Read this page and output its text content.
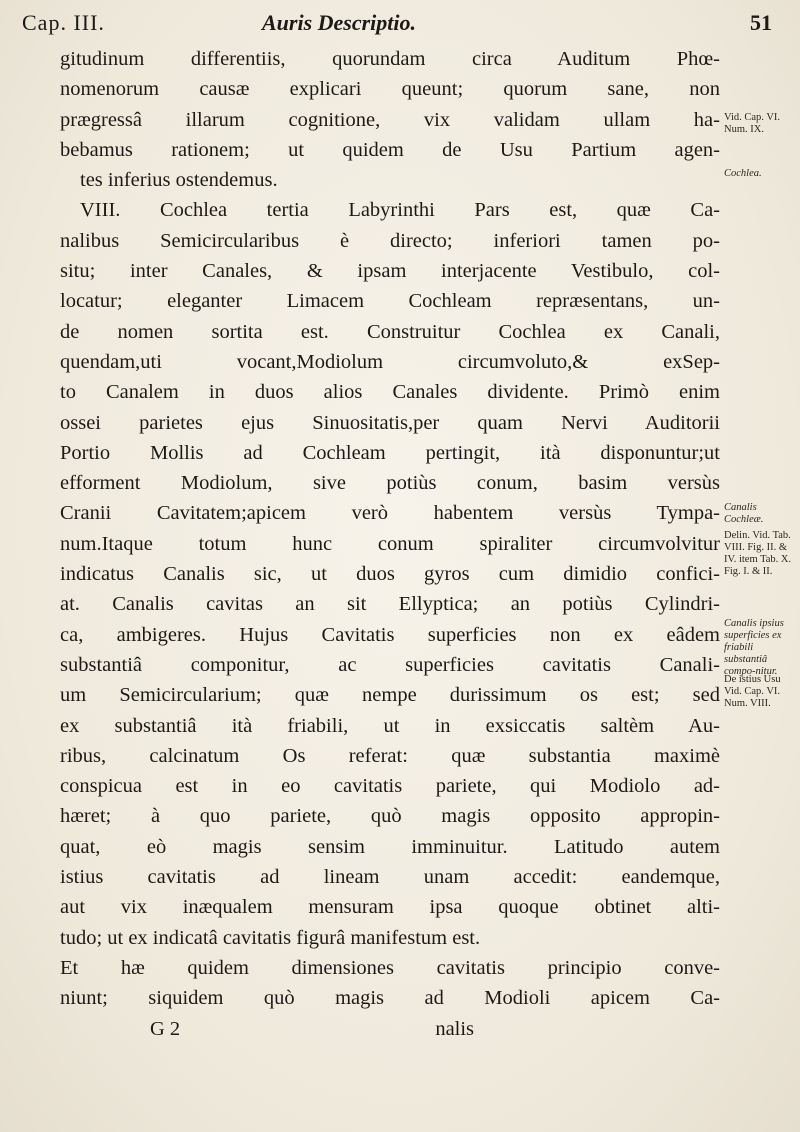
Cap. III.	Auris Descriptio.	51
gitudinum differentiis, quorundam circa Auditum Phœ-
nomenorum causæ explicari queunt; quorum sane, non
prægressâ illarum cognitione, vix validam ullam ha-
bebamus rationem; ut quidem de Usu Partium agen-
tes inferius ostendemus.
VIII. Cochlea tertia Labyrinthi Pars est, quæ Ca-
nalibus Semicircularibus è directo; inferiori tamen po-
situ; inter Canales, & ipsam interjacente Vestibulo, col-
locatur; eleganter Limacem Cochleam repræsentans, un-
de nomen sortita est. Construitur Cochlea ex Canali,
quendam,uti vocant,Modiolum circumvoluto,& exSep-
to Canalem in duos alios Canales dividente. Primò enim
ossei parietes ejus Sinuositatis,per quam Nervi Auditorii
Portio Mollis ad Cochleam pertingit, ità disponuntur;ut
efforment Modiolum, sive potiùs conum, basim versùs
Cranii Cavitatem;apicem verò habentem versùs Tympa-
num.Itaque totum hunc conum spiraliter circumvolvitur
indicatus Canalis sic, ut duos gyros cum dimidio confici-
at. Canalis cavitas an sit Ellyptica; an potiùs Cylindri-
ca, ambigeres. Hujus Cavitatis superficies non ex eâdem
substantiâ componitur, ac superficies cavitatis Canali-
um Semicircularium; quæ nempe durissimum os est; sed
ex substantiâ ità friabili, ut in exsiccatis saltèm Au-
ribus, calcinatum Os referat: quæ substantia maximè
conspicua est in eo cavitatis pariete, qui Modiolo ad-
hæret; à quo pariete, quò magis opposito appropin-
quat, eò magis sensim imminuitur. Latitudo autem
istius cavitatis ad lineam unam accedit: eandemque,
aut vix inæqualem mensuram ipsa quoque obtinet alti-
tudo; ut ex indicatâ cavitatis figurâ manifestum est.
Et hæ quidem dimensiones cavitatis principio conve-
niunt; siquidem quò magis ad Modioli apicem Ca-
G 2	nalis
Vid. Cap. VI. Num. IX.
Cochlea.
Canalis Cochleæ.
Delin. Vid. Tab. VIII. Fig. II. & IV. item Tab. X. Fig. I. & II.
Canalis ipsius superficies ex friabili substantiâ compo-nitur.
De istius Usu Vid. Cap. VI. Num. VIII.
